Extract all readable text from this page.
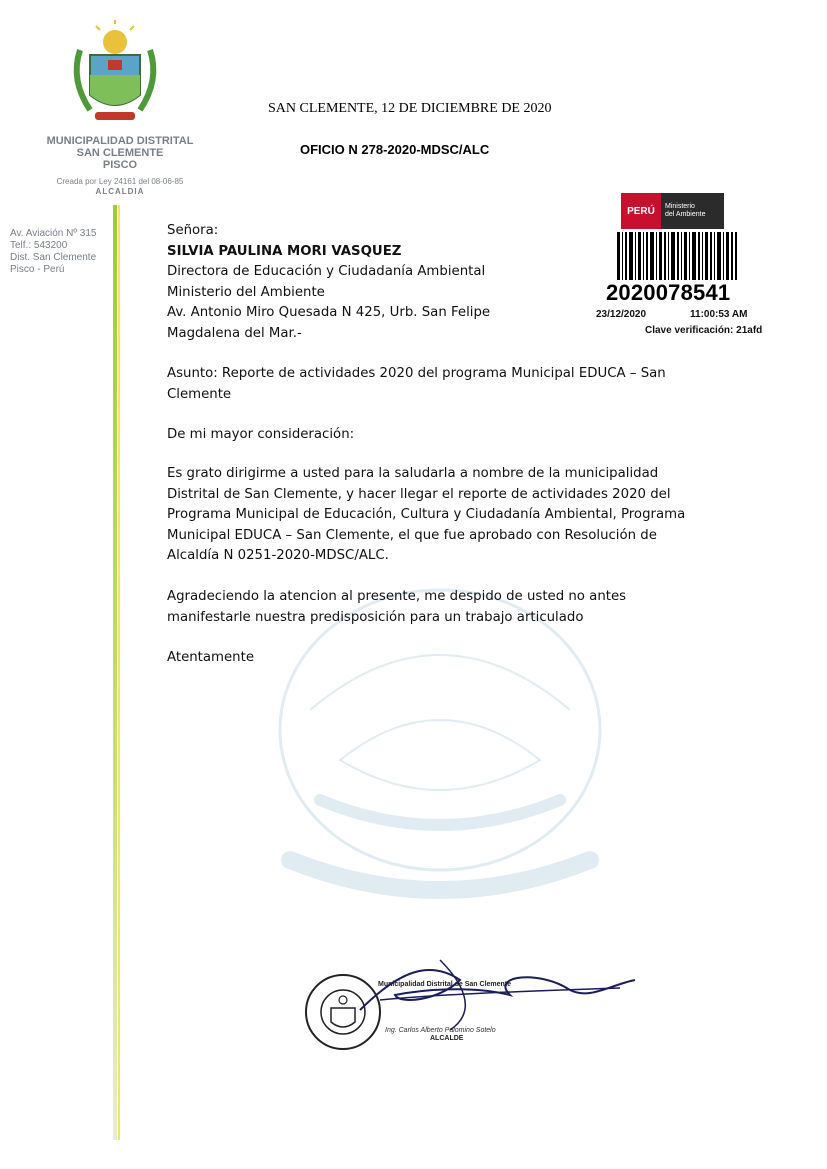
MUNICIPALIDAD DISTRITAL
SAN CLEMENTE
PISCO
Creada por Ley 24161 del 08-06-85
ALCALDIA
Av. Aviación Nº 315
Telf.: 543200
Dist. San Clemente
Pisco - Perú
SAN CLEMENTE, 12 DE DICIEMBRE DE 2020
OFICIO N 278-2020-MDSC/ALC
PERÚ	Ministerio
del Ambiente
2020078541
23/12/2020	11:00:53 AM
Clave verificación: 21afd
Señora:
SILVIA PAULINA MORI VASQUEZ
Directora de Educación y Ciudadanía Ambiental
Ministerio del Ambiente
Av. Antonio Miro Quesada N 425, Urb. San Felipe
Magdalena del Mar.-
Asunto: Reporte de actividades 2020 del programa Municipal EDUCA – San
Clemente
De mi mayor consideración:
Es grato dirigirme a usted para la saludarla a nombre de la municipalidad
Distrital de San Clemente, y hacer llegar el reporte de actividades 2020 del
Programa Municipal de Educación, Cultura y Ciudadanía Ambiental, Programa
Municipal EDUCA – San Clemente, el que fue aprobado con Resolución de
Alcaldía N 0251-2020-MDSC/ALC.
Agradeciendo la atencion al presente, me despido de usted no antes
manifestarle nuestra predisposición para un trabajo articulado
Atentamente
Municipalidad Distrital de San Clemente
Ing. Carlos Alberto Palomino Sotelo
ALCALDE
